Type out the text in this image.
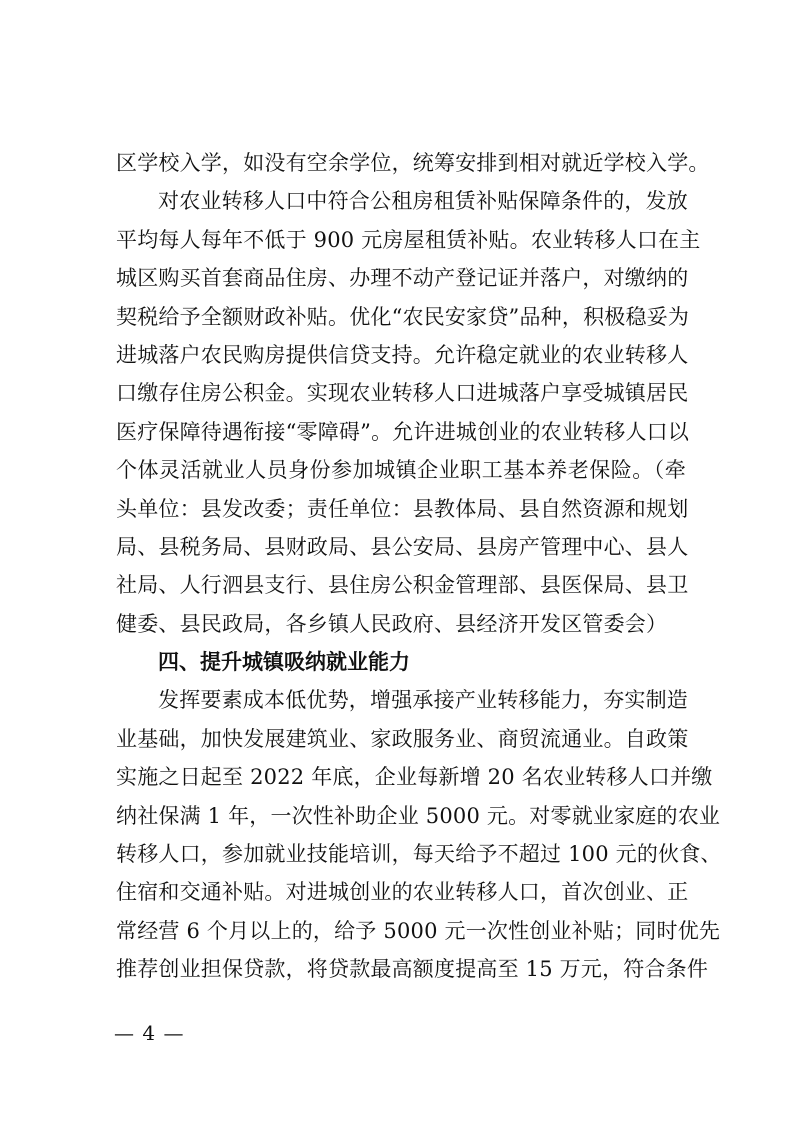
区学校入学，如没有空余学位，统筹安排到相对就近学校入学。
对农业转移人口中符合公租房租赁补贴保障条件的，发放
平均每人每年不低于 900 元房屋租赁补贴。农业转移人口在主
城区购买首套商品住房、办理不动产登记证并落户，对缴纳的
契税给予全额财政补贴。优化“农民安家贷”品种，积极稳妥为
进城落户农民购房提供信贷支持。允许稳定就业的农业转移人
口缴存住房公积金。实现农业转移人口进城落户享受城镇居民
医疗保障待遇衔接“零障碍”。允许进城创业的农业转移人口以
个体灵活就业人员身份参加城镇企业职工基本养老保险。（牵
头单位：县发改委；责任单位：县教体局、县自然资源和规划
局、县税务局、县财政局、县公安局、县房产管理中心、县人
社局、人行泗县支行、县住房公积金管理部、县医保局、县卫
健委、县民政局，各乡镇人民政府、县经济开发区管委会）
四、提升城镇吸纳就业能力
发挥要素成本低优势，增强承接产业转移能力，夯实制造
业基础，加快发展建筑业、家政服务业、商贸流通业。自政策
实施之日起至 2022 年底，企业每新增 20 名农业转移人口并缴
纳社保满 1 年，一次性补助企业 5000 元。对零就业家庭的农业
转移人口，参加就业技能培训，每天给予不超过 100 元的伙食、
住宿和交通补贴。对进城创业的农业转移人口，首次创业、正
常经营 6 个月以上的，给予 5000 元一次性创业补贴；同时优先
推荐创业担保贷款，将贷款最高额度提高至 15 万元，符合条件
— 4 —
